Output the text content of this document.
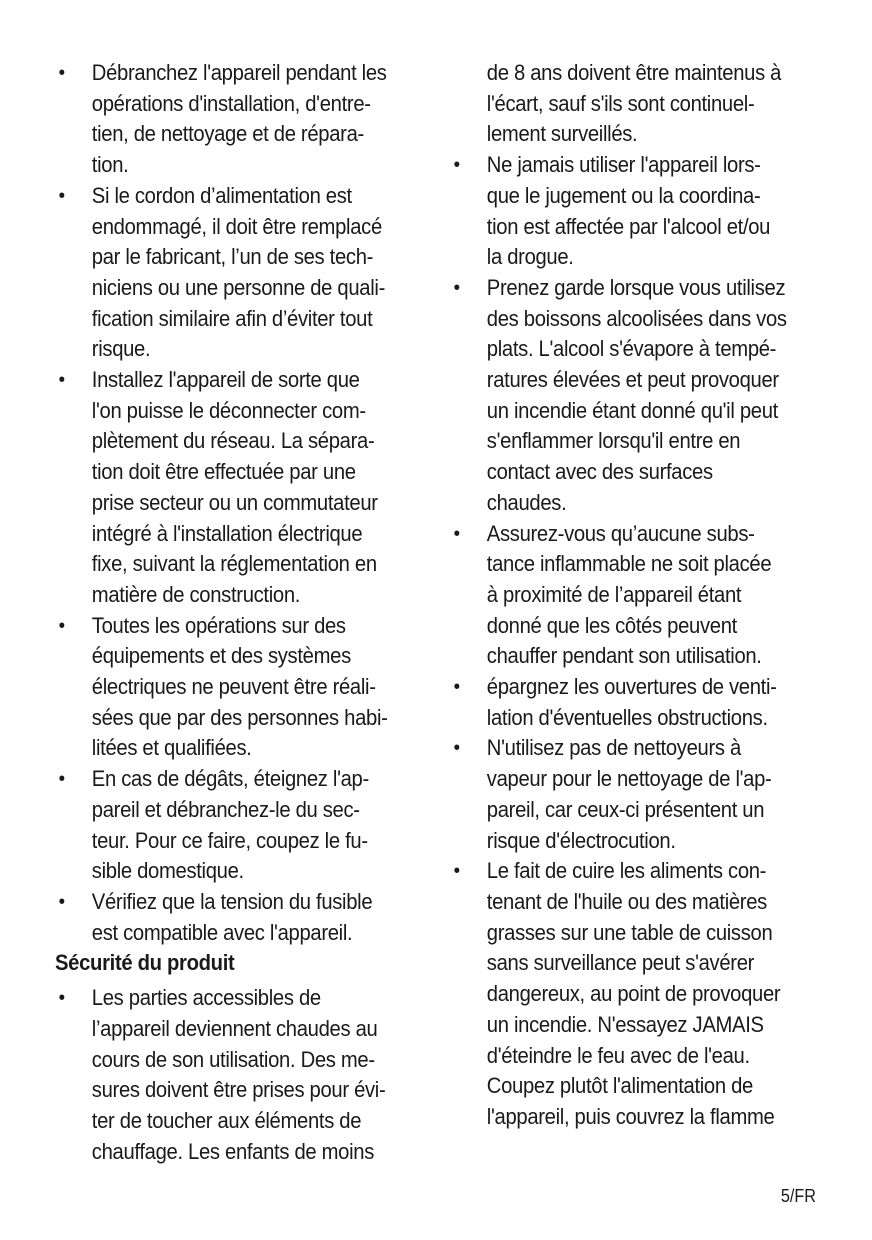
• Débranchez l'appareil pendant les
opérations d'installation, d'entre-
tien, de nettoyage et de répara-
tion.
• Si le cordon d’alimentation est
endommagé, il doit être remplacé
par le fabricant, l’un de ses tech-
niciens ou une personne de quali-
fication similaire afin d’éviter tout
risque.
• Installez l'appareil de sorte que
l'on puisse le déconnecter com-
plètement du réseau. La sépara-
tion doit être effectuée par une
prise secteur ou un commutateur
intégré à l'installation électrique
fixe, suivant la réglementation en
matière de construction.
• Toutes les opérations sur des
équipements et des systèmes
électriques ne peuvent être réali-
sées que par des personnes habi-
litées et qualifiées.
• En cas de dégâts, éteignez l'ap-
pareil et débranchez-le du sec-
teur. Pour ce faire, coupez le fu-
sible domestique.
• Vérifiez que la tension du fusible
est compatible avec l'appareil.
Sécurité du produit
• Les parties accessibles de
l’appareil deviennent chaudes au
cours de son utilisation. Des me-
sures doivent être prises pour évi-
ter de toucher aux éléments de
chauffage. Les enfants de moins
de 8 ans doivent être maintenus à
l'écart, sauf s'ils sont continuel-
lement surveillés.
• Ne jamais utiliser l'appareil lors-
que le jugement ou la coordina-
tion est affectée par l'alcool et/ou
la drogue.
• Prenez garde lorsque vous utilisez
des boissons alcoolisées dans vos
plats. L'alcool s'évapore à tempé-
ratures élevées et peut provoquer
un incendie étant donné qu'il peut
s'enflammer lorsqu'il entre en
contact avec des surfaces
chaudes.
• Assurez-vous qu’aucune subs-
tance inflammable ne soit placée
à proximité de l’appareil étant
donné que les côtés peuvent
chauffer pendant son utilisation.
• épargnez les ouvertures de venti-
lation d'éventuelles obstructions.
• N'utilisez pas de nettoyeurs à
vapeur pour le nettoyage de l'ap-
pareil, car ceux-ci présentent un
risque d'électrocution.
• Le fait de cuire les aliments con-
tenant de l'huile ou des matières
grasses sur une table de cuisson
sans surveillance peut s'avérer
dangereux, au point de provoquer
un incendie. N'essayez JAMAIS
d'éteindre le feu avec de l'eau.
Coupez plutôt l'alimentation de
l'appareil, puis couvrez la flamme
5/FR
